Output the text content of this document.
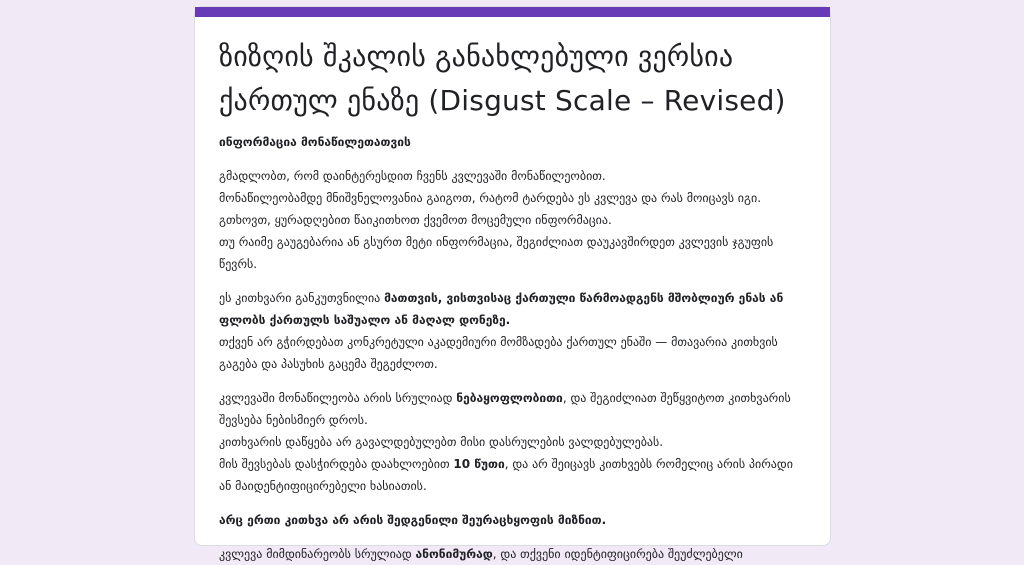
ზიზღის შკალის განახლებული ვერსია ქართულ ენაზე (Disgust Scale – Revised)

ინფორმაცია მონაწილეთათვის

გმადლობთ, რომ დაინტერესდით ჩვენს კვლევაში მონაწილეობით.
მონაწილეობამდე მნიშვნელოვანია გაიგოთ, რატომ ტარდება ეს კვლევა და რას მოიცავს იგი.
გთხოვთ, ყურადღებით წაიკითხოთ ქვემოთ მოცემული ინფორმაცია.
თუ რაიმე გაუგებარია ან გსურთ მეტი ინფორმაცია, შეგიძლიათ დაუკავშირდეთ კვლევის ჯგუფის წევრს.

ეს კითხვარი განკუთვნილია მათთვის, ვისთვისაც ქართული წარმოადგენს მშობლიურ ენას ან ფლობს ქართულს საშუალო ან მაღალ დონეზე.
თქვენ არ გჭირდებათ კონკრეტული აკადემიური მომზადება ქართულ ენაში — მთავარია კითხვის გაგება და პასუხის გაცემა შეგეძლოთ.

კვლევაში მონაწილეობა არის სრულიად ნებაყოფლობითი, და შეგიძლიათ შეწყვიტოთ კითხვარის შევსება ნებისმიერ დროს.
კითხვარის დაწყება არ გავალდებულებთ მისი დასრულების ვალდებულებას.
მის შევსებას დასჭირდება დაახლოებით 10 წუთი, და არ შეიცავს კითხვებს რომელიც არის პირადი ან მაიდენტიფიცირებელი ხასიათის.

არც ერთი კითხვა არ არის შედგენილი შეურაცხყოფის მიზნით.

კვლევა მიმდინარეობს სრულიად ანონიმურად, და თქვენი იდენტიფიცირება შეუძლებელი
